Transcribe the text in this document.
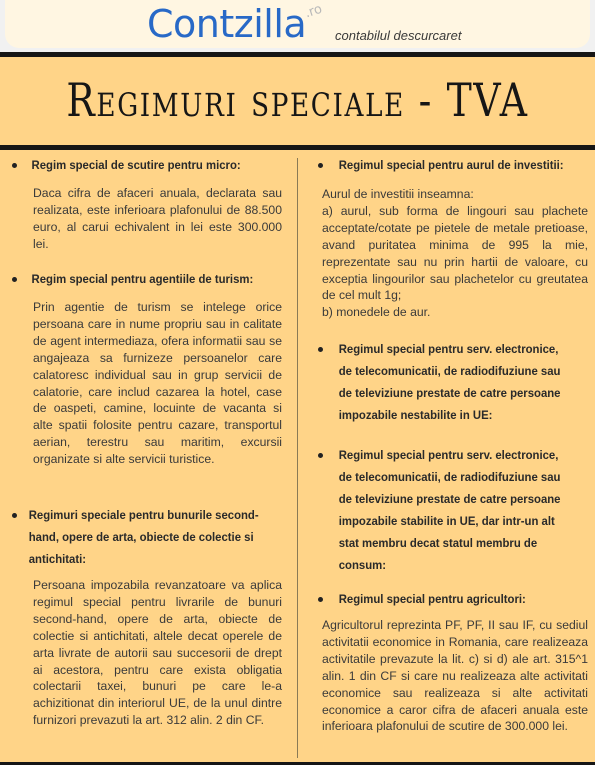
Contzilla
.ro
contabilul descurcaret
Regimuri speciale - TVA
Regim special de scutire pentru micro:
Daca cifra de afaceri anuala, declarata sau realizata, este inferioara plafonului de 88.500 euro, al carui echivalent in lei este 300.000 lei.
Regim special pentru agentiile de turism:
Prin agentie de turism se intelege orice persoana care in nume propriu sau in calitate de agent intermediaza, ofera informatii sau se angajeaza sa furnizeze persoanelor care calatoresc individual sau in grup servicii de calatorie, care includ cazarea la hotel, case de oaspeti, camine, locuinte de vacanta si alte spatii folosite pentru cazare, transportul aerian, terestru sau maritim, excursii organizate si alte servicii turistice.
Regimuri speciale pentru bunurile second-hand, opere de arta, obiecte de colectie si antichitati:
Persoana impozabila revanzatoare va aplica regimul special pentru livrarile de bunuri second-hand, opere de arta, obiecte de colectie si antichitati, altele decat operele de arta livrate de autorii sau succesorii de drept ai acestora, pentru care exista obligatia colectarii taxei, bunuri pe care le-a achizitionat din interiorul UE, de la unul dintre furnizori prevazuti la art. 312 alin. 2 din CF.
Regimul special pentru aurul de investitii:
Aurul de investitii inseamna:
a) aurul, sub forma de lingouri sau plachete acceptate/cotate pe pietele de metale pretioase, avand puritatea minima de 995 la mie, reprezentate sau nu prin hartii de valoare, cu exceptia lingourilor sau plachetelor cu greutatea de cel mult 1g;
b) monedele de aur.
Regimul special pentru serv. electronice, de telecomunicatii, de radiodifuziune sau de televiziune prestate de catre persoane impozabile nestabilite in UE:
Regimul special pentru serv. electronice, de telecomunicatii, de radiodifuziune sau de televiziune prestate de catre persoane impozabile stabilite in UE, dar intr-un alt stat membru decat statul membru de consum:
Regimul special pentru agricultori:
Agricultorul reprezinta PF, PF, II sau IF, cu sediul activitatii economice in Romania, care realizeaza activitatile prevazute la lit. c) si d) ale art. 315^1 alin. 1 din CF si care nu realizeaza alte activitati economice sau realizeaza si alte activitati economice a caror cifra de afaceri anuala este inferioara plafonului de scutire de 300.000 lei.
